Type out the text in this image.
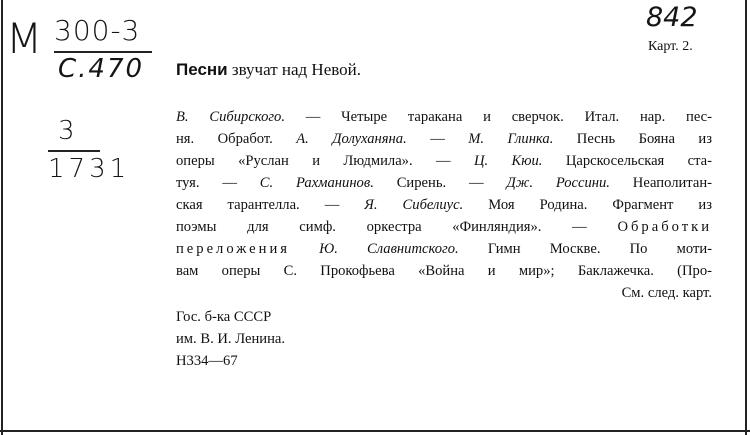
М 300-3
С.470
3
1731
842
Карт. 2.
Песни звучат над Невой.
В. Сибирского. — Четыре таракана и сверчок. Итал. нар. пес-
ня. Обработ. А. Долуханяна. — М. Глинка. Песнь Бояна из
оперы «Руслан и Людмила». — Ц. Кюи. Царскосельская ста-
туя. — С. Рахманинов. Сирень. — Дж. Россини. Неаполитан-
ская тарантелла. — Я. Сибелиус. Моя Родина. Фрагмент из
поэмы для симф. оркестра «Финляндия». — Обработки
переложения Ю. Славнитского. Гимн Москве. По моти-
вам оперы С. Прокофьева «Война и мир»; Баклажечка. (Про-
См. след. карт.
Гос. б-ка СССР
им. В. И. Ленина.
Н334—67
